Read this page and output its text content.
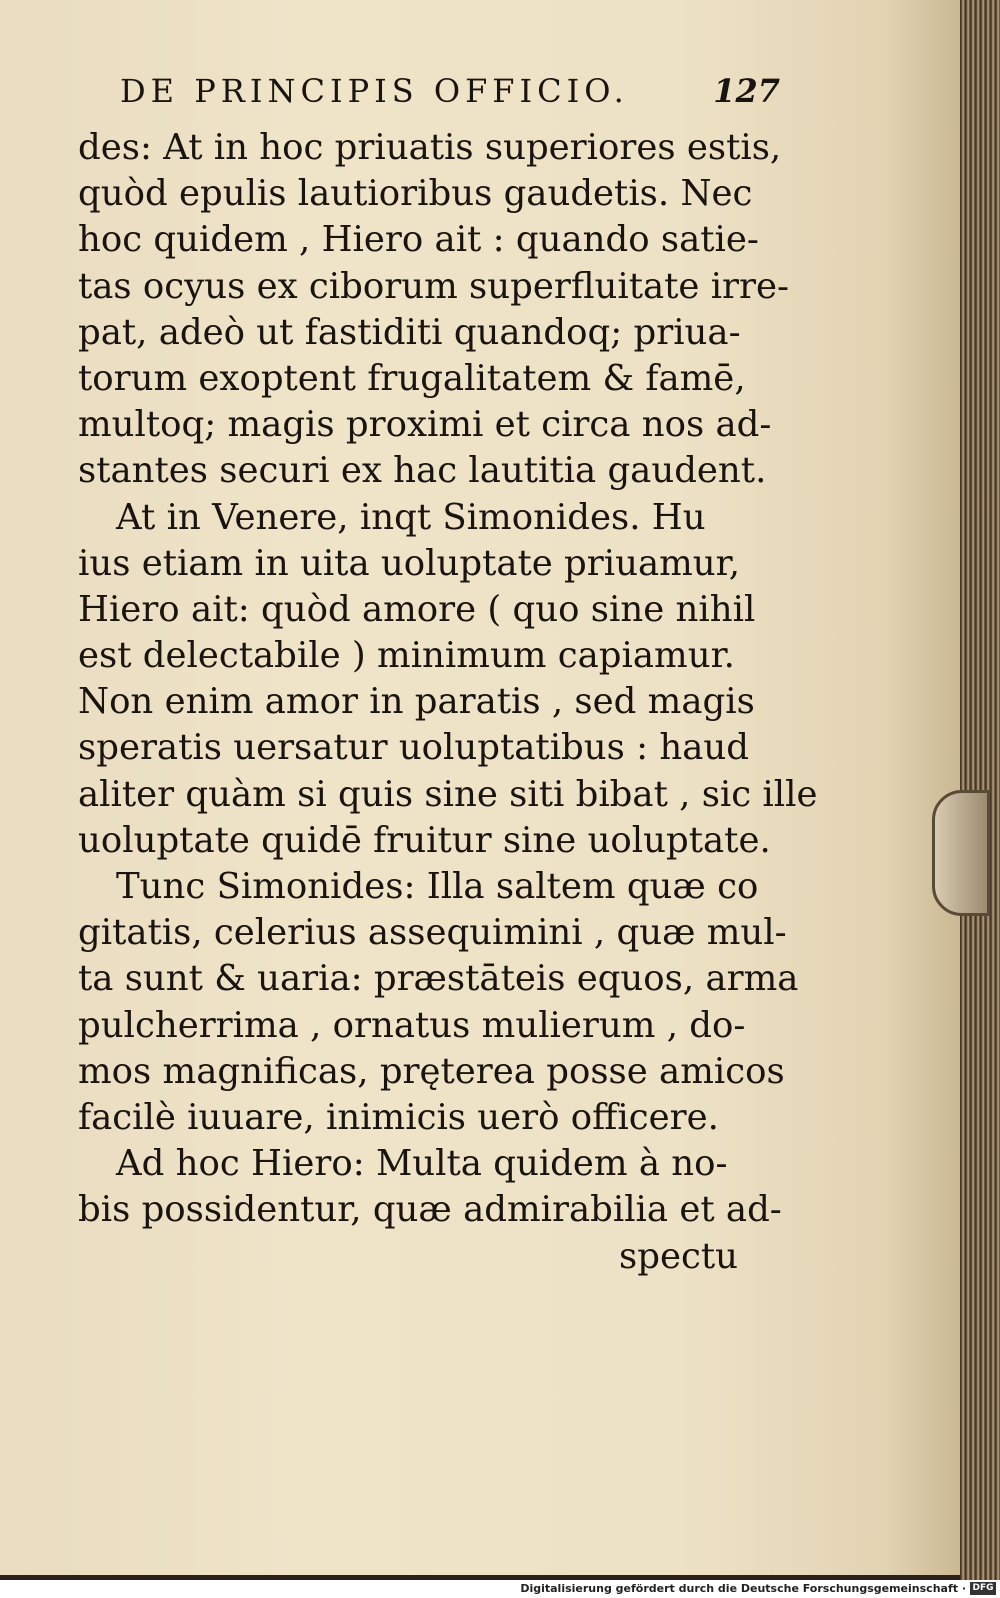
DE PRINCIPIS OFFICIO.	127
des: At in hoc priuatis superiores estis,
quòd epulis lautioribus gaudetis. Nec
hoc quidem , Hiero ait : quando satie-
tas ocyus ex ciborum superfluitate irre-
pat, adeò ut fastiditi quandoq; priua-
torum exoptent frugalitatem & famē,
multoq; magis proximi et circa nos ad-
stantes securi ex hac lautitia gaudent.
At in Venere, inqt Simonides. Hu
ius etiam in uita uoluptate priuamur,
Hiero ait: quòd amore ( quo sine nihil
est delectabile ) minimum capiamur.
Non enim amor in paratis , sed magis
speratis uersatur uoluptatibus : haud
aliter quàm si quis sine siti bibat , sic ille
uoluptate quidē fruitur sine uoluptate.
Tunc Simonides: Illa saltem quæ co
gitatis, celerius assequimini , quæ mul-
ta sunt & uaria: præstāteis equos, arma
pulcherrima , ornatus mulierum , do-
mos magnificas, pręterea posse amicos
facilè iuuare, inimicis uerò officere.
Ad hoc Hiero: Multa quidem à no-
bis possidentur, quæ admirabilia et ad-
spectu
Digitalisierung gefördert durch die Deutsche Forschungsgemeinschaft · DFG
